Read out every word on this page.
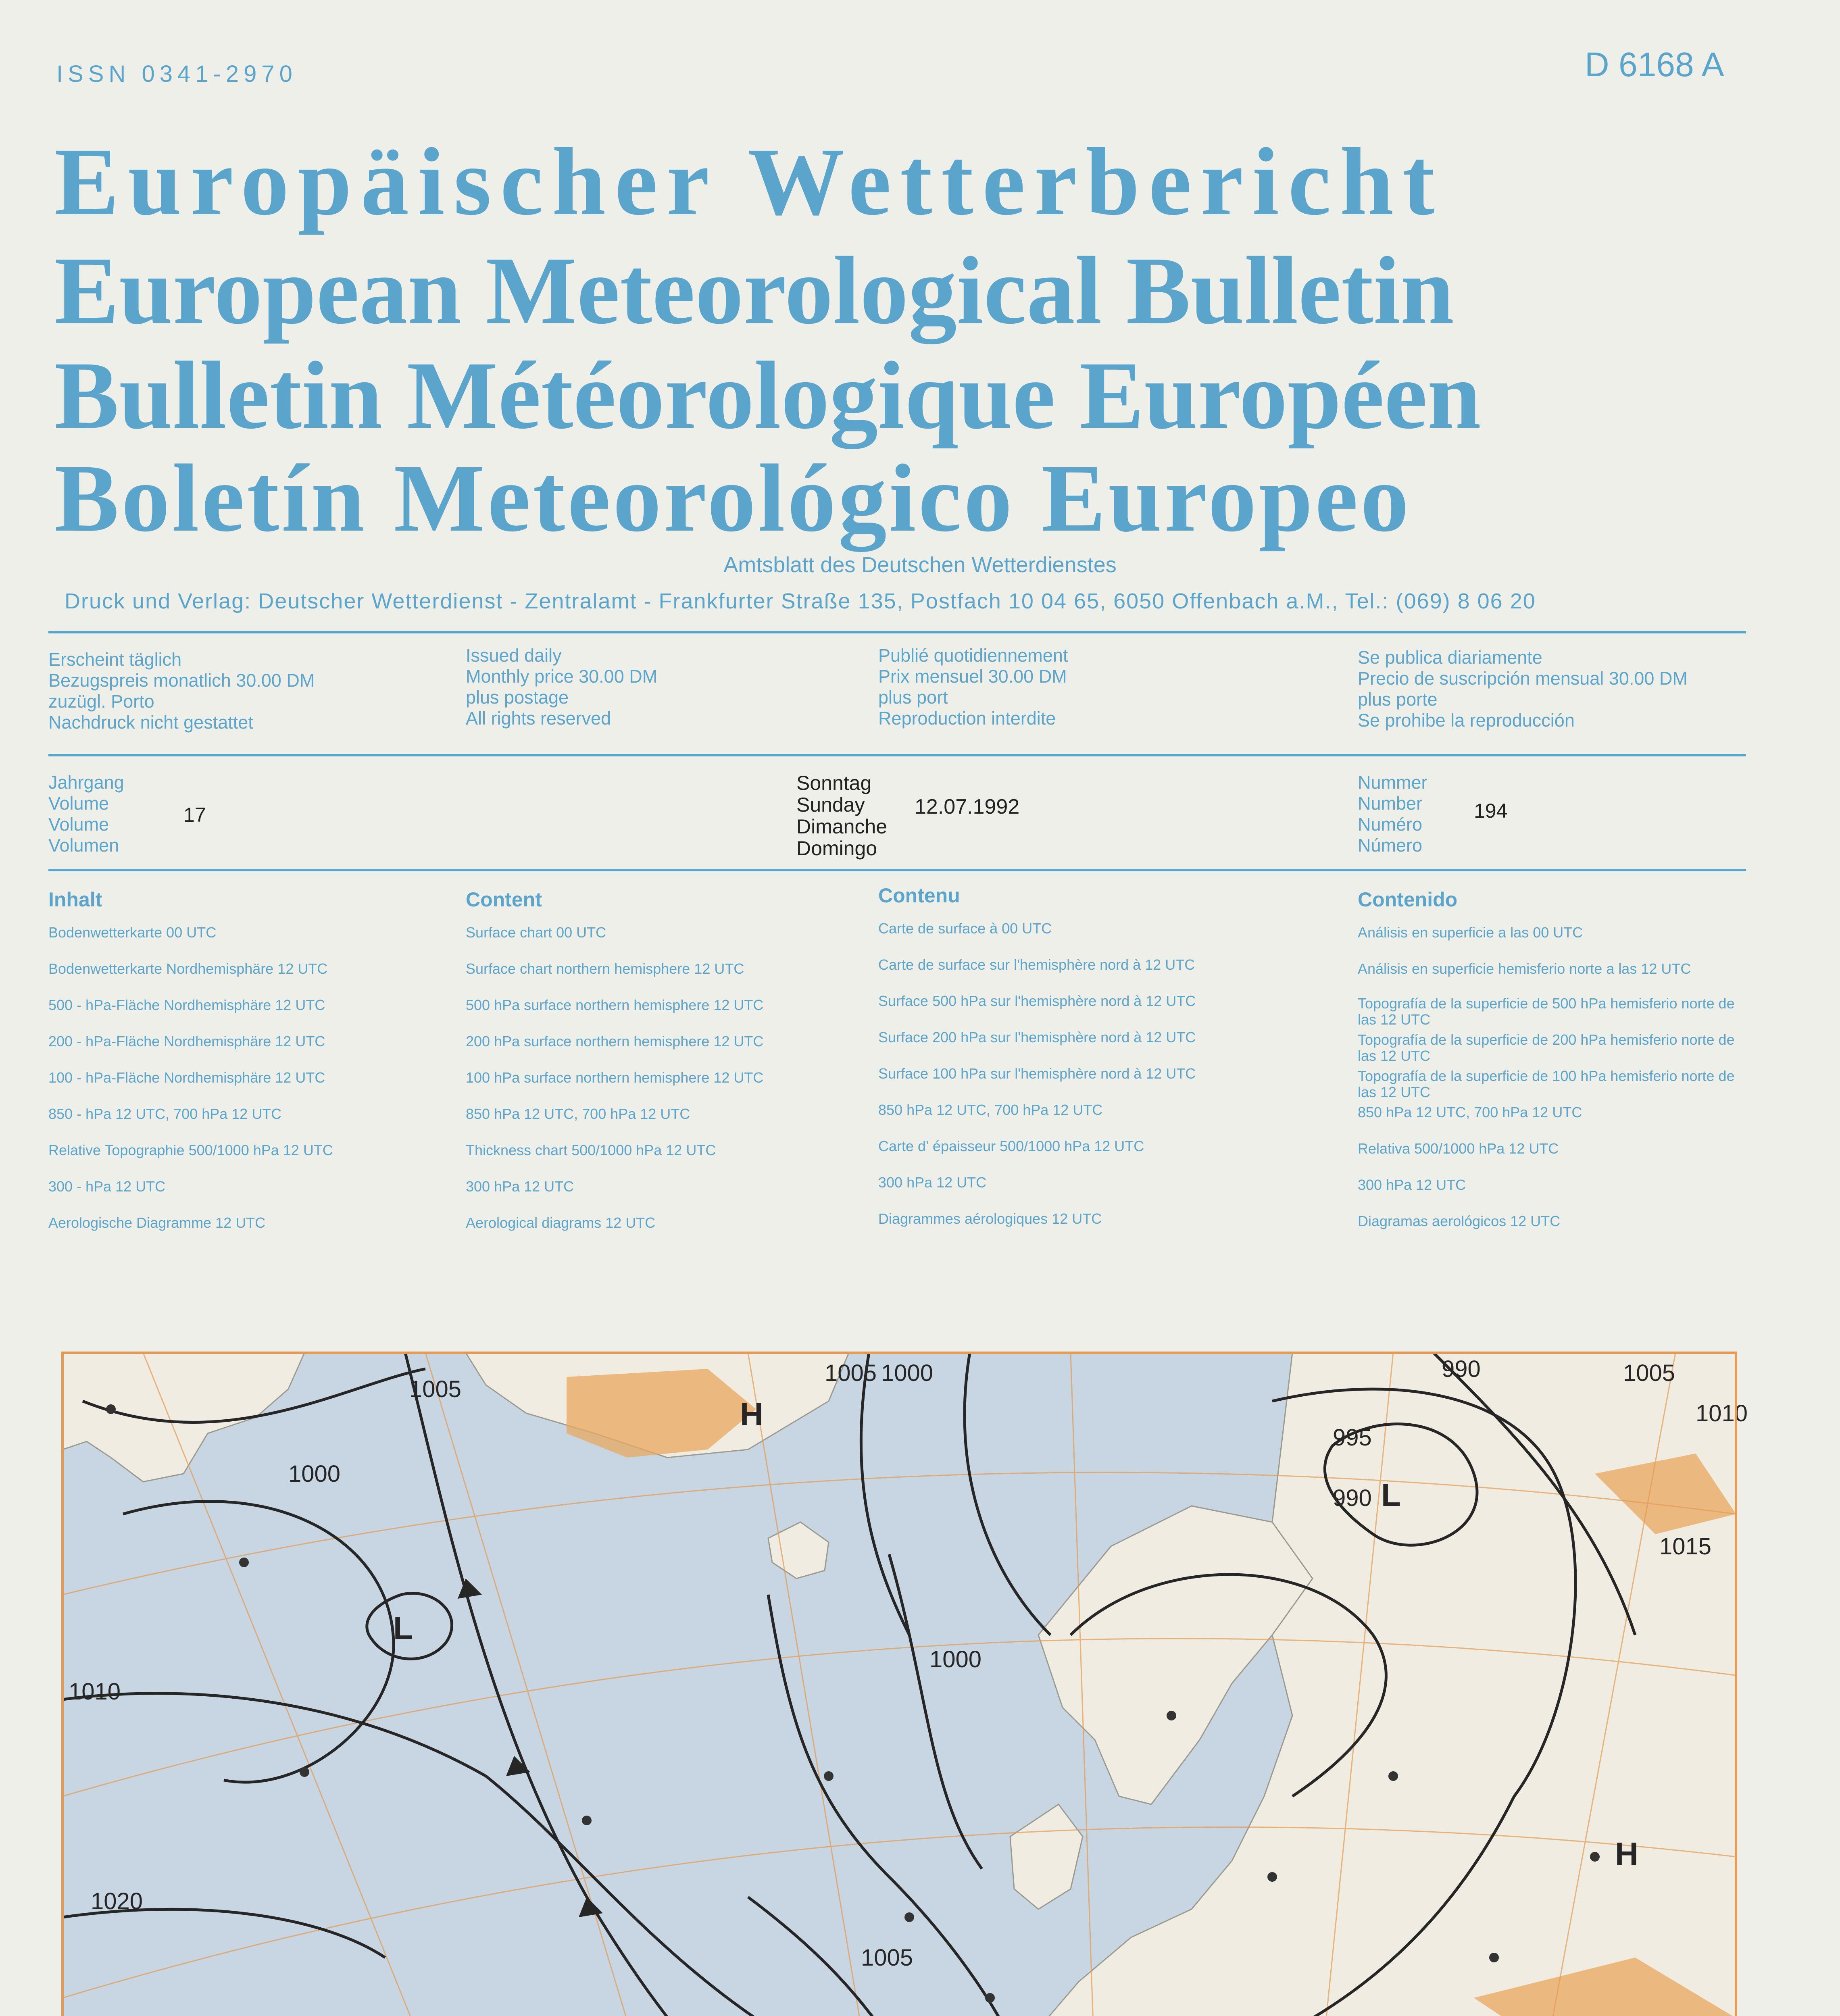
ISSN 0341-2970	D 6168 A
Europäischer Wetterbericht
European Meteorological Bulletin
Bulletin Météorologique Européen
Boletín Meteorológico Europeo
Amtsblatt des Deutschen Wetterdienstes
Druck und Verlag: Deutscher Wetterdienst - Zentralamt - Frankfurter Straße 135, Postfach 10 04 65, 6050 Offenbach a.M., Tel.: (069) 8 06 20
Erscheint täglich
Bezugspreis monatlich 30.00 DM
zuzügl. Porto
Nachdruck nicht gestattet
Issued daily
Monthly price 30.00 DM
plus postage
All rights reserved
Publié quotidiennement
Prix mensuel 30.00 DM
plus port
Reproduction interdite
Se publica diariamente
Precio de suscripción mensual 30.00 DM
plus porte
Se prohibe la reproducción
Jahrgang
Volume
Volume
Volumen
17
Sonntag
Sunday
Dimanche
Domingo
12.07.1992
Nummer
Number
Numéro
Número
194
Inhalt
Bodenwetterkarte 00 UTC
Bodenwetterkarte Nordhemisphäre 12 UTC
500 - hPa-Fläche Nordhemisphäre 12 UTC
200 - hPa-Fläche Nordhemisphäre 12 UTC
100 - hPa-Fläche Nordhemisphäre 12 UTC
850 - hPa 12 UTC, 700 hPa 12 UTC
Relative Topographie 500/1000 hPa 12 UTC
300 - hPa 12 UTC
Aerologische Diagramme 12 UTC
Content
Surface chart 00 UTC
Surface chart northern hemisphere 12 UTC
500 hPa surface northern hemisphere 12 UTC
200 hPa surface northern hemisphere 12 UTC
100 hPa surface northern hemisphere 12 UTC
850 hPa 12 UTC, 700 hPa 12 UTC
Thickness chart 500/1000 hPa 12 UTC
300 hPa 12 UTC
Aerological diagrams 12 UTC
Contenu
Carte de surface à 00 UTC
Carte de surface sur l'hemisphère nord à 12 UTC
Surface 500 hPa sur l'hemisphère nord à 12 UTC
Surface 200 hPa sur l'hemisphère nord à 12 UTC
Surface 100 hPa sur l'hemisphère nord à 12 UTC
850 hPa 12 UTC, 700 hPa 12 UTC
Carte d' épaisseur 500/1000 hPa 12 UTC
300 hPa 12 UTC
Diagrammes aérologiques 12 UTC
Contenido
Análisis en superficie a las 00 UTC
Análisis en superficie hemisferio norte a las 12 UTC
Topografía de la superficie de 500 hPa hemisferio norte de las 12 UTC
Topografía de la superficie de 200 hPa hemisferio norte de las 12 UTC
Topografía de la superficie de 100 hPa hemisferio norte de las 12 UTC
850 hPa 12 UTC, 700 hPa 12 UTC
Relativa 500/1000 hPa 12 UTC
300 hPa 12 UTC
Diagramas aerológicos 12 UTC
1005
1005 1000
1000
1010
1020
990
995
990
1005
1010
1015
1000
1005
H
H
L
L
